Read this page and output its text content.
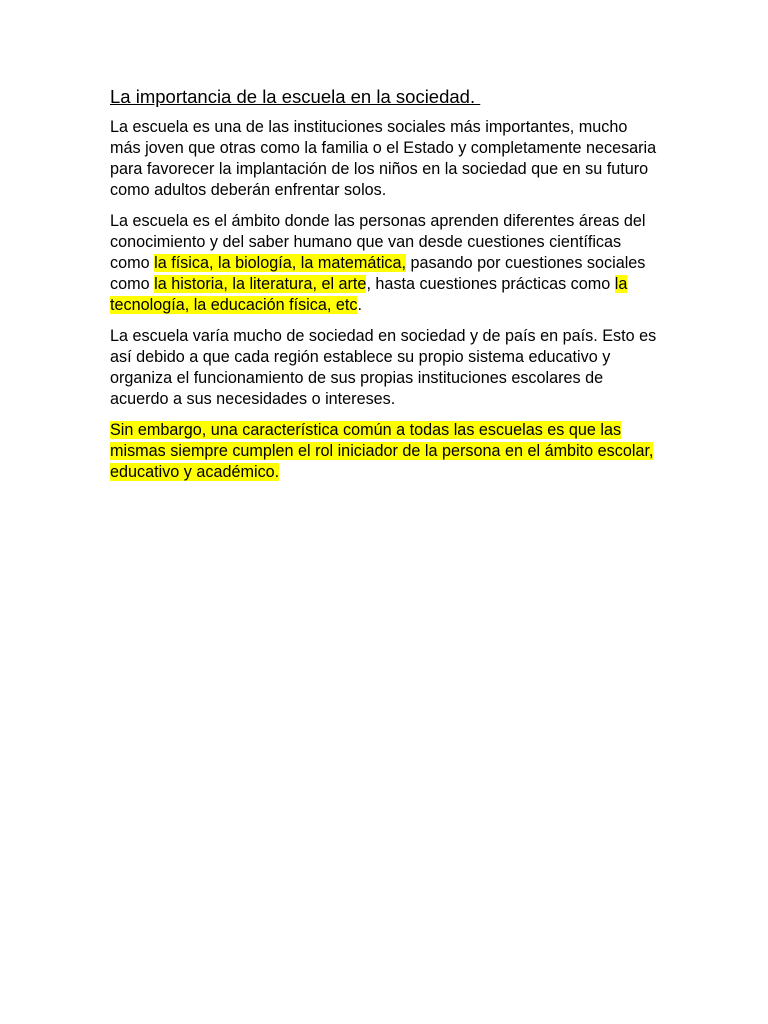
La importancia de la escuela en la sociedad.

La escuela es una de las instituciones sociales más importantes, mucho más joven que otras como la familia o el Estado y completamente necesaria para favorecer la implantación de los niños en la sociedad que en su futuro como adultos deberán enfrentar solos.

La escuela es el ámbito donde las personas aprenden diferentes áreas del conocimiento y del saber humano que van desde cuestiones científicas como la física, la biología, la matemática, pasando por cuestiones sociales como la historia, la literatura, el arte, hasta cuestiones prácticas como la tecnología, la educación física, etc.

La escuela varía mucho de sociedad en sociedad y de país en país. Esto es así debido a que cada región establece su propio sistema educativo y organiza el funcionamiento de sus propias instituciones escolares de acuerdo a sus necesidades o intereses.

Sin embargo, una característica común a todas las escuelas es que las mismas siempre cumplen el rol iniciador de la persona en el ámbito escolar, educativo y académico.
